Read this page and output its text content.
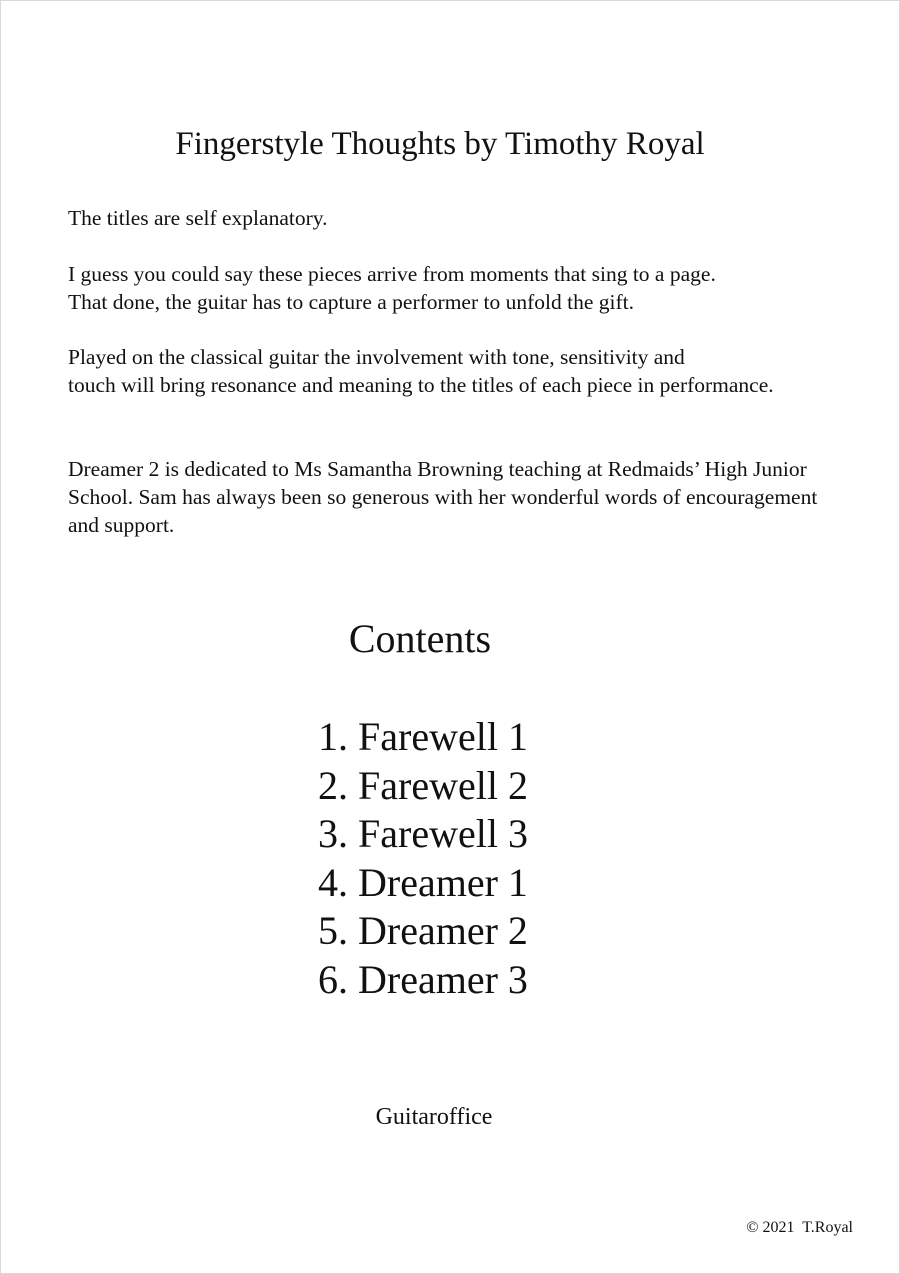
Fingerstyle Thoughts by Timothy Royal

The titles are self explanatory.

I guess you could say these pieces arrive from moments that sing to a page.
That done, the guitar has to capture a performer to unfold the gift.
Played on the classical guitar the involvement with tone, sensitivity and
touch will bring resonance and meaning to the titles of each piece in performance.

Dreamer 2 is dedicated to Ms Samantha Browning teaching at Redmaids’ High Junior School. Sam has always been so generous with her wonderful words of encouragement and support.

Contents
1. Farewell 1
2. Farewell 2
3. Farewell 3
4. Dreamer 1
5. Dreamer 2
6. Dreamer 3

Guitaroffice

© 2021  T.Royal
